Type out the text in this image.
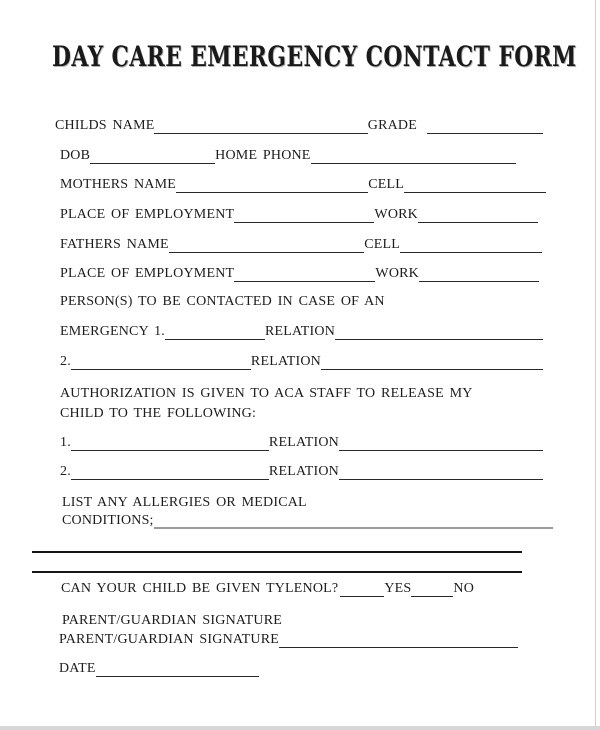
DAY CARE EMERGENCY CONTACT FORM
CHILDS NAME	GRADE
DOB	HOME PHONE
MOTHERS NAME	CELL
PLACE OF EMPLOYMENT	WORK
FATHERS NAME	CELL
PLACE OF EMPLOYMENT	WORK
PERSON(S) TO BE CONTACTED IN CASE OF AN
EMERGENCY 1.	RELATION
2.	RELATION
AUTHORIZATION IS GIVEN TO ACA STAFF TO RELEASE MY
CHILD TO THE FOLLOWING:
1.	RELATION
2.	RELATION
LIST ANY ALLERGIES OR MEDICAL
CONDITIONS;
CAN YOUR CHILD BE GIVEN TYLENOL?	YES	NO
PARENT/GUARDIAN SIGNATURE
PARENT/GUARDIAN SIGNATURE
DATE
